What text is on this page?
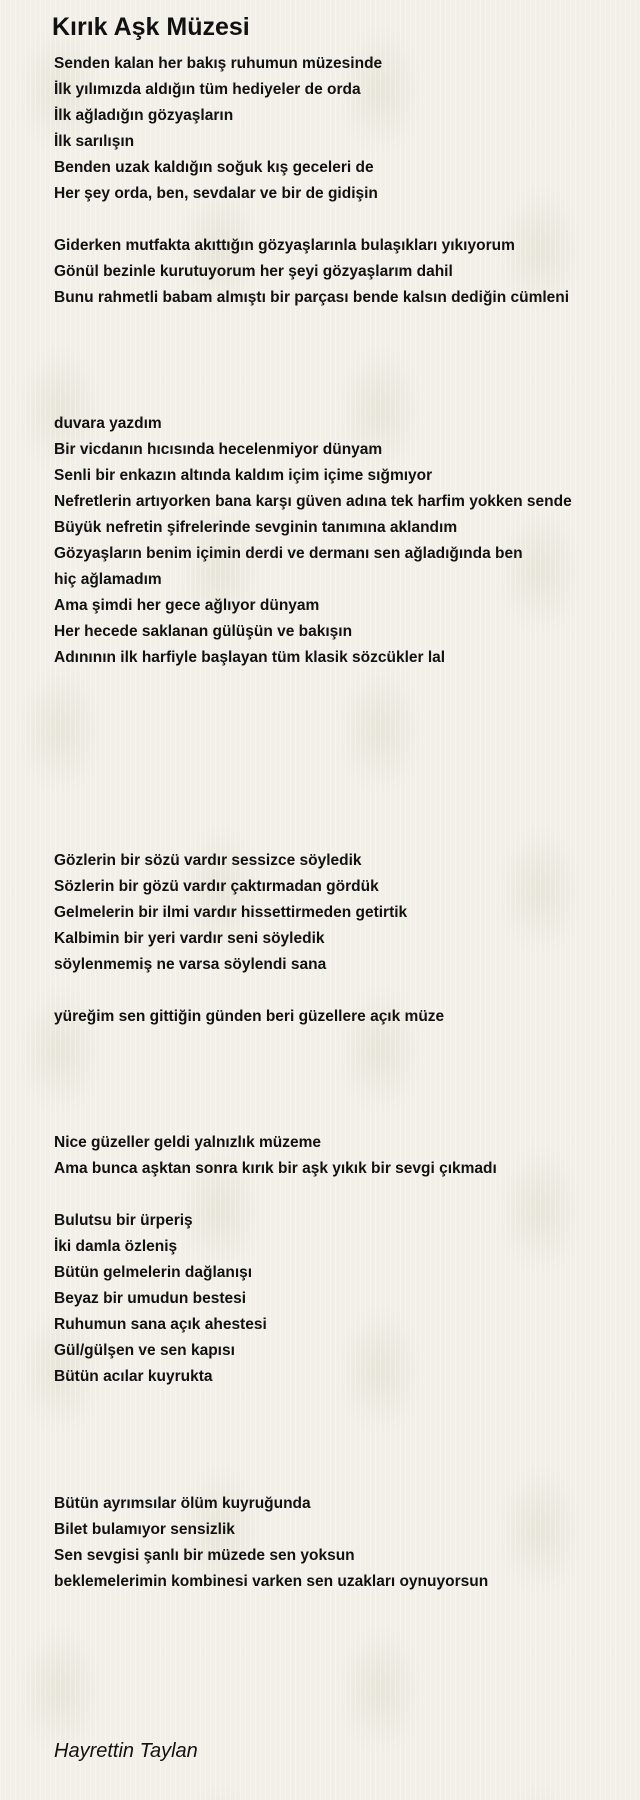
Kırık Aşk Müzesi

Senden kalan her bakış ruhumun müzesinde

İlk yılımızda aldığın tüm hediyeler de orda

İlk ağladığın gözyaşların

İlk sarılışın

Benden uzak kaldığın soğuk kış geceleri de

Her şey orda, ben, sevdalar ve bir de gidişin

Giderken mutfakta akıttığın gözyaşlarınla bulaşıkları yıkıyorum

Gönül bezinle kurutuyorum her şeyi gözyaşlarım dahil

Bunu rahmetli babam almıştı bir parçası bende kalsın dediğin cümleni

duvara yazdım

Bir vicdanın hıcısında hecelenmiyor dünyam

Senli bir enkazın altında kaldım içim içime sığmıyor

Nefretlerin artıyorken bana karşı güven adına tek harfim yokken sende

Büyük nefretin şifrelerinde sevginin tanımına aklandım

Gözyaşların benim içimin derdi ve dermanı sen ağladığında ben

hiç ağlamadım

Ama şimdi her gece ağlıyor dünyam

Her hecede saklanan gülüşün ve bakışın

Adınının ilk harfiyle başlayan tüm klasik sözcükler lal

Gözlerin bir sözü vardır sessizce söyledik

Sözlerin bir gözü vardır çaktırmadan gördük

Gelmelerin bir ilmi vardır hissettirmeden getirtik

Kalbimin bir yeri vardır seni söyledik

söylenmemiş ne varsa söylendi sana

yüreğim sen gittiğin günden beri güzellere açık müze

Nice güzeller geldi yalnızlık müzeme

Ama bunca aşktan sonra kırık bir aşk yıkık bir sevgi çıkmadı

Bulutsu bir ürperiş

İki damla özleniş

Bütün gelmelerin dağlanışı

Beyaz bir umudun bestesi

Ruhumun sana açık ahestesi

Gül/gülşen ve sen kapısı

Bütün acılar kuyrukta

Bütün ayrımsılar ölüm kuyruğunda

Bilet bulamıyor sensizlik

Sen sevgisi şanlı bir müzede sen yoksun

beklemelerimin kombinesi varken sen uzakları oynuyorsun

Hayrettin Taylan
